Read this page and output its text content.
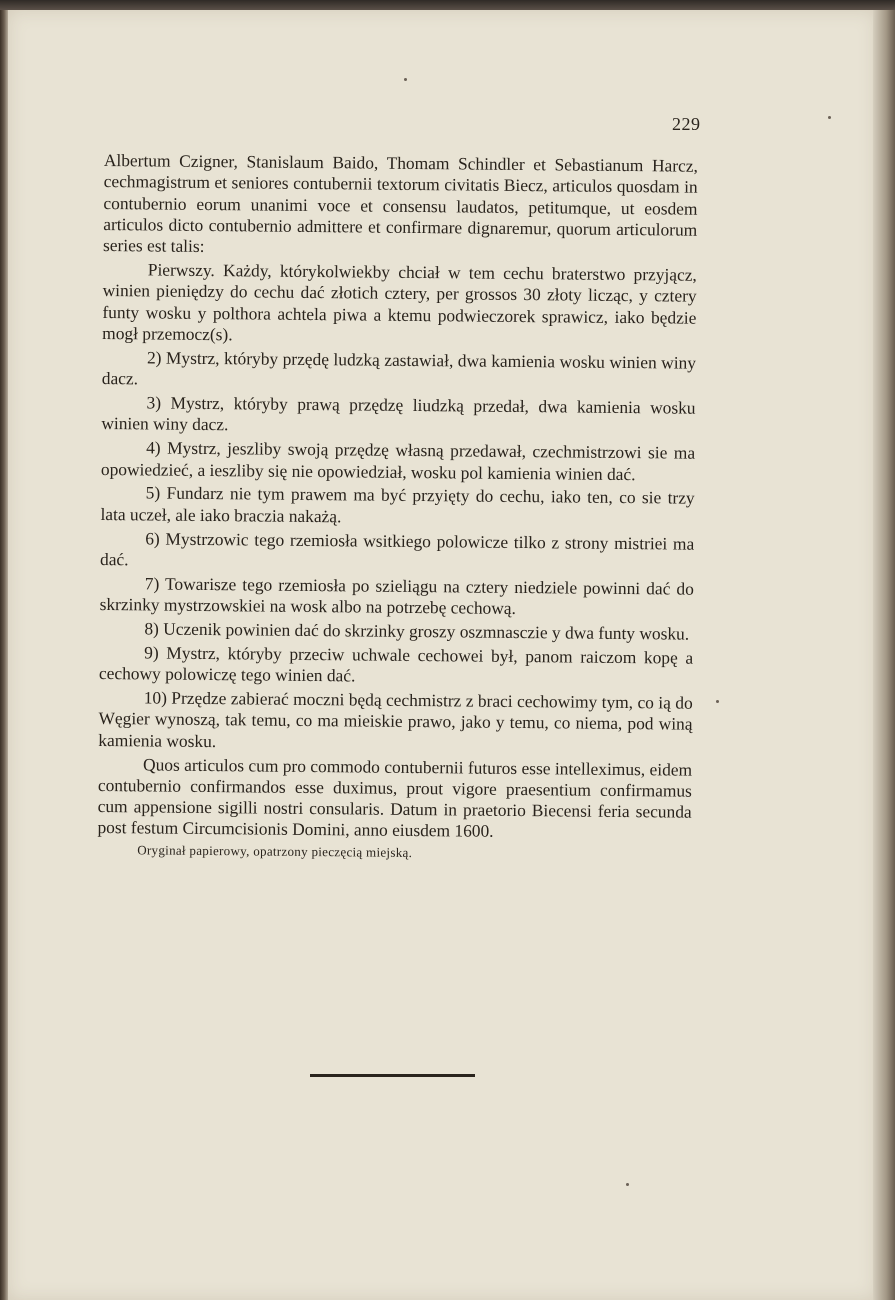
229

Albertum Czigner, Stanislaum Baido, Thomam Schindler et Sebastianum Harcz, cechmagistrum et seniores contubernii textorum civitatis Biecz, articulos quosdam in contubernio eorum unanimi voce et consensu laudatos, petitumque, ut eosdem articulos dicto contubernio admittere et confirmare dignaremur, quorum articulorum series est talis:

Pierwszy. Każdy, którykolwiekby chciał w tem cechu braterstwo przyjącz, winien pieniędzy do cechu dać złotich cztery, per grossos 30 złoty licząc, y cztery funty wosku y polthora achtela piwa a ktemu podwieczorek sprawicz, iako będzie mogł przemocz(s).

2) Mystrz, któryby przędę ludzką zastawiał, dwa kamienia wosku winien winy dacz.

3) Mystrz, któryby prawą przędzę liudzką przedał, dwa kamienia wosku winien winy dacz.

4) Mystrz, jeszliby swoją przędzę własną przedawał, czechmistrzowi sie ma opowiedzieć, a ieszliby się nie opowiedział, wosku pol kamienia winien dać.

5) Fundarz nie tym prawem ma być przyięty do cechu, iako ten, co sie trzy lata uczeł, ale iako braczia nakażą.

6) Mystrzowic tego rzemiosła wsitkiego polowicze tilko z strony mistriei ma dać.

7) Towarisze tego rzemiosła po szieliągu na cztery niedziele powinni dać do skrzinky mystrzowskiei na wosk albo na potrzebę cechową.

8) Uczenik powinien dać do skrzinky groszy oszmnasczie y dwa funty wosku.

9) Mystrz, któryby przeciw uchwale cechowei był, panom raiczom kopę a cechowy polowiczę tego winien dać.

10) Przędze zabierać moczni będą cechmistrz z braci cechowimy tym, co ią do Węgier wynoszą, tak temu, co ma mieiskie prawo, jako y temu, co niema, pod winą kamienia wosku.

Quos articulos cum pro commodo contubernii futuros esse intelleximus, eidem contubernio confirmandos esse duximus, prout vigore praesentium confirmamus cum appensione sigilli nostri consularis. Datum in praetorio Biecensi feria secunda post festum Circumcisionis Domini, anno eiusdem 1600.

Oryginał papierowy, opatrzony pieczęcią miejską.
